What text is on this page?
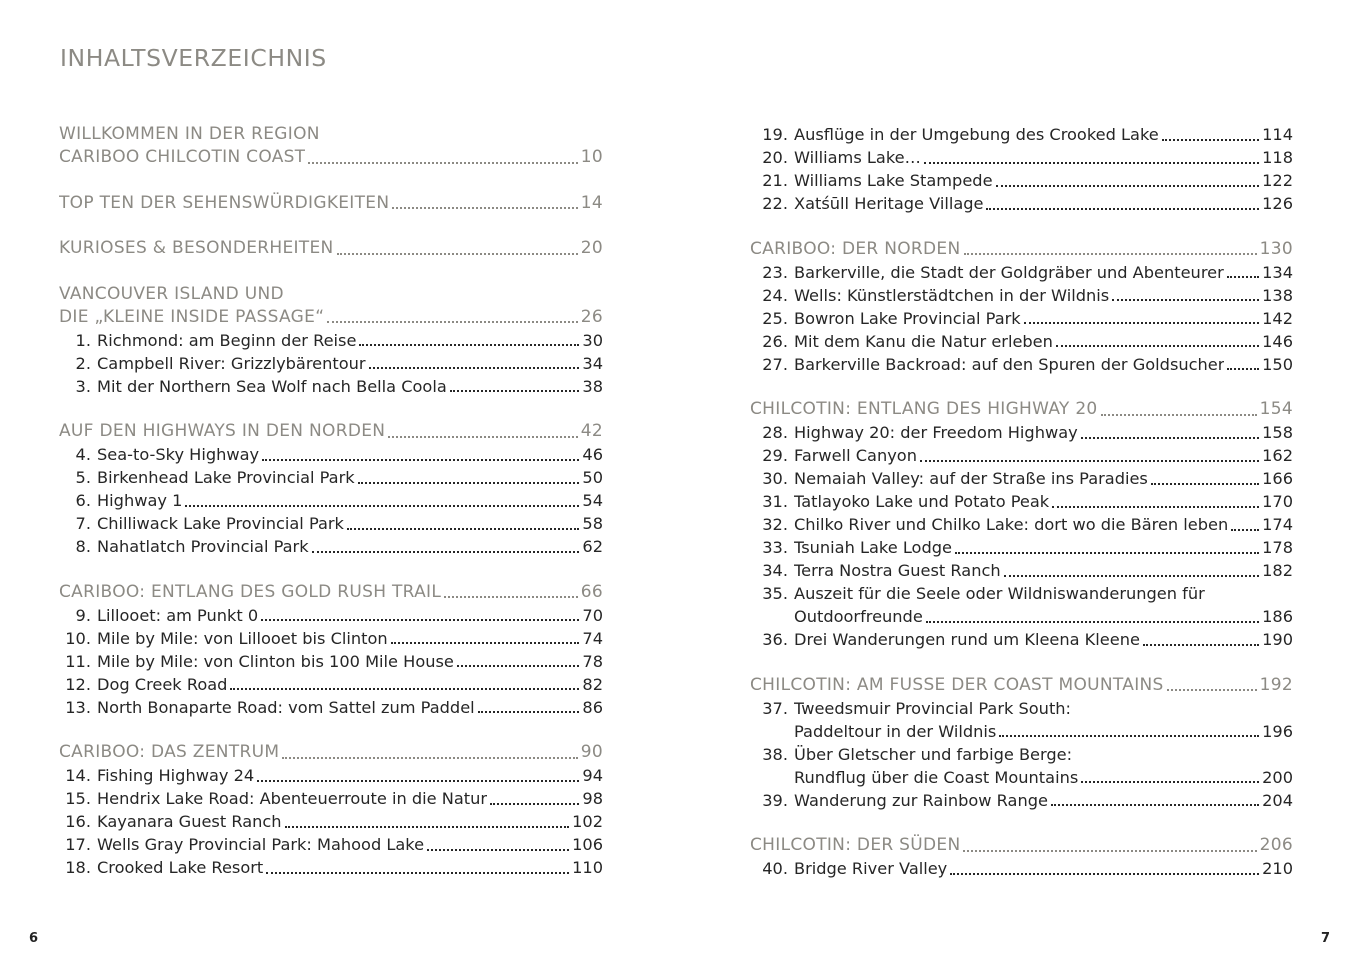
INHALTSVERZEICHNIS
WILLKOMMEN IN DER REGION
CARIBOO CHILCOTIN COAST	10
TOP TEN DER SEHENSWÜRDIGKEITEN	14
KURIOSES & BESONDERHEITEN	20
VANCOUVER ISLAND UND
DIE „KLEINE INSIDE PASSAGE“	26
1. Richmond: am Beginn der Reise	30
2. Campbell River: Grizzlybärentour	34
3. Mit der Northern Sea Wolf nach Bella Coola	38
AUF DEN HIGHWAYS IN DEN NORDEN	42
4. Sea-to-Sky Highway	46
5. Birkenhead Lake Provincial Park	50
6. Highway 1	54
7. Chilliwack Lake Provincial Park	58
8. Nahatlatch Provincial Park	62
CARIBOO: ENTLANG DES GOLD RUSH TRAIL	66
9. Lillooet: am Punkt 0	70
10. Mile by Mile: von Lillooet bis Clinton	74
11. Mile by Mile: von Clinton bis 100 Mile House	78
12. Dog Creek Road	82
13. North Bonaparte Road: vom Sattel zum Paddel	86
CARIBOO: DAS ZENTRUM	90
14. Fishing Highway 24	94
15. Hendrix Lake Road: Abenteuerroute in die Natur	98
16. Kayanara Guest Ranch	102
17. Wells Gray Provincial Park: Mahood Lake	106
18. Crooked Lake Resort	110
19. Ausflüge in der Umgebung des Crooked Lake	114
20. Williams Lake…	118
21. Williams Lake Stampede	122
22. Xatśūll Heritage Village	126
CARIBOO: DER NORDEN	130
23. Barkerville, die Stadt der Goldgräber und Abenteurer 134
24. Wells: Künstlerstädtchen in der Wildnis	138
25. Bowron Lake Provincial Park	142
26. Mit dem Kanu die Natur erleben	146
27. Barkerville Backroad: auf den Spuren der Goldsucher 150
CHILCOTIN: ENTLANG DES HIGHWAY 20	154
28. Highway 20: der Freedom Highway	158
29. Farwell Canyon	162
30. Nemaiah Valley: auf der Straße ins Paradies	166
31. Tatlayoko Lake und Potato Peak	170
32. Chilko River und Chilko Lake: dort wo die Bären leben 174
33. Tsuniah Lake Lodge	178
34. Terra Nostra Guest Ranch	182
35. Auszeit für die Seele oder Wildniswanderungen für
Outdoorfreunde	186
36. Drei Wanderungen rund um Kleena Kleene	190
CHILCOTIN: AM FUSSE DER COAST MOUNTAINS	192
37. Tweedsmuir Provincial Park South:
Paddeltour in der Wildnis	196
38. Über Gletscher und farbige Berge:
Rundflug über die Coast Mountains	200
39. Wanderung zur Rainbow Range	204
CHILCOTIN: DER SÜDEN	206
40. Bridge River Valley	210
6	7
